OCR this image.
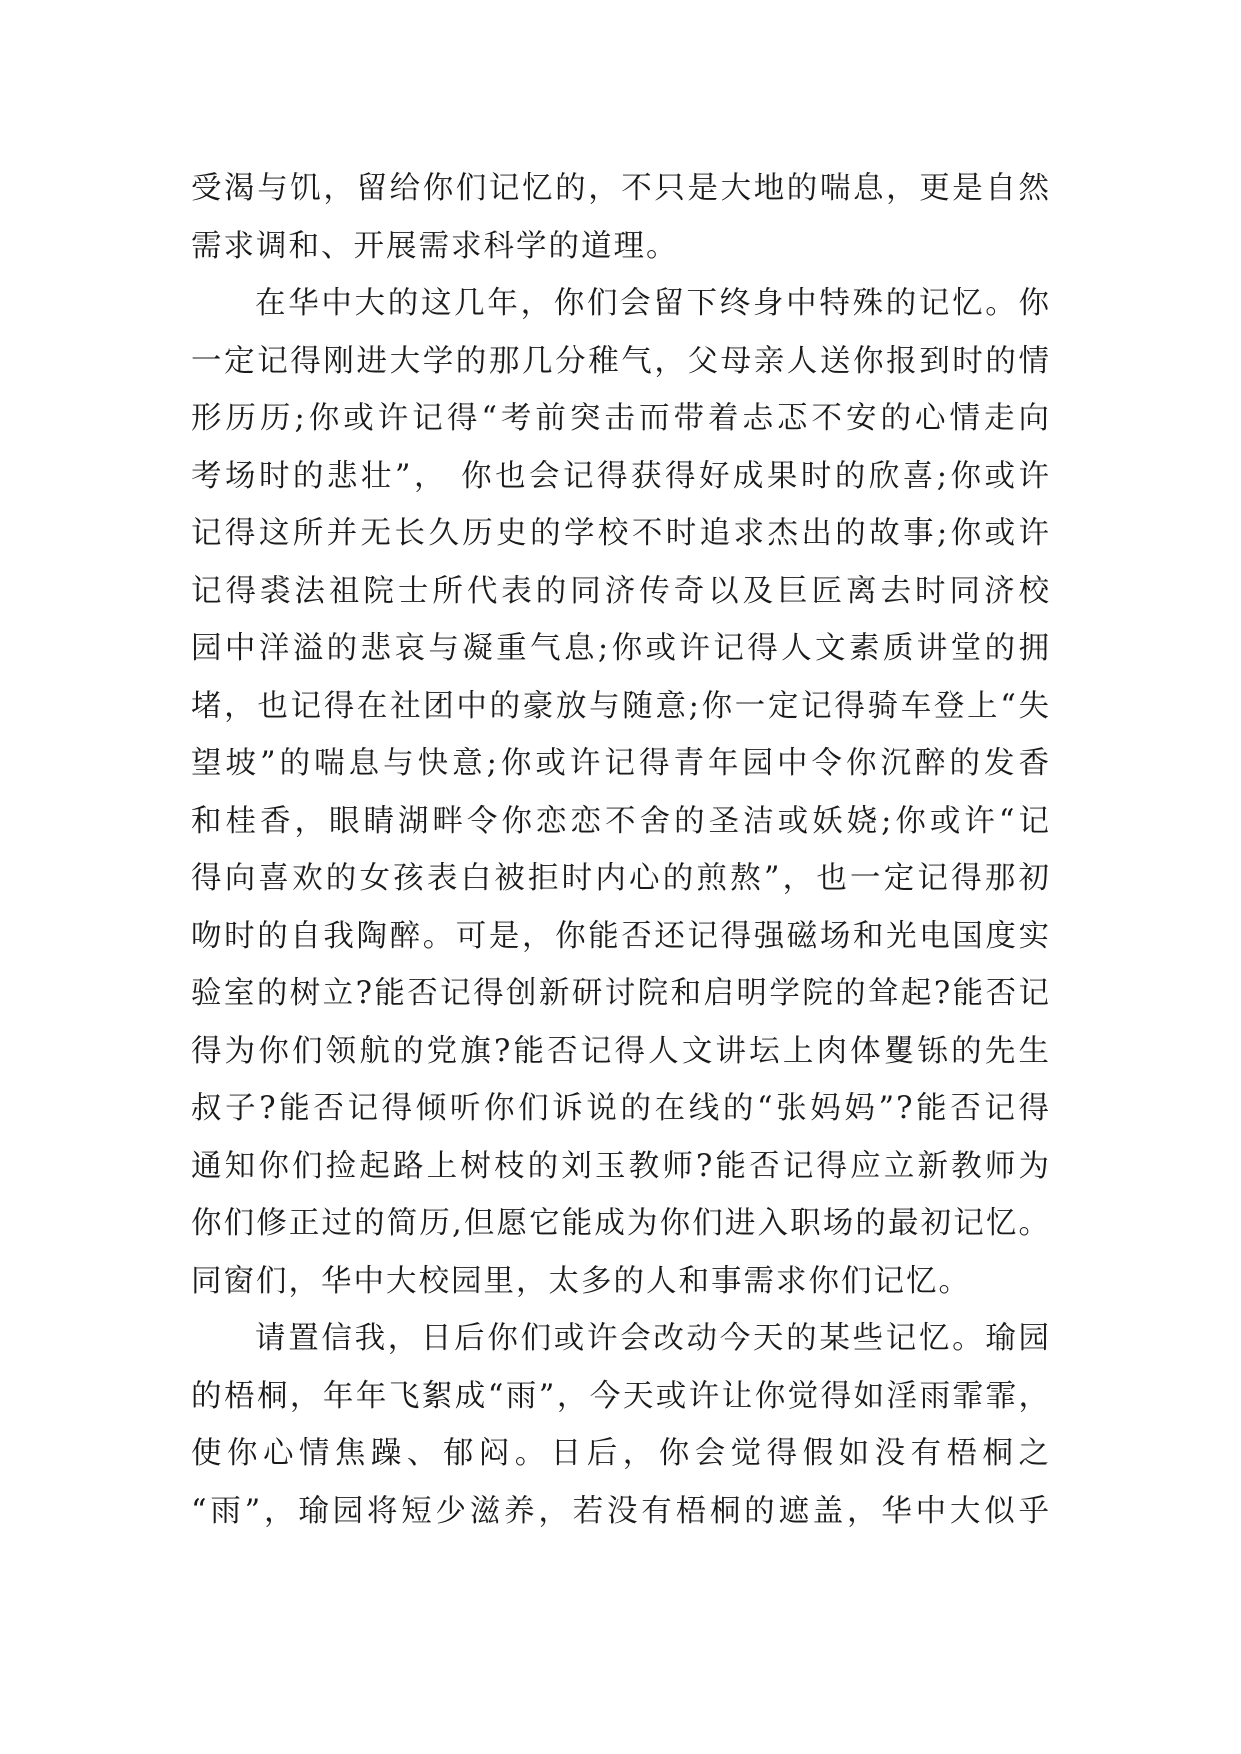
受渴与饥，留给你们记忆的，不只是大地的喘息，更是自然
需求调和、开展需求科学的道理。
在华中大的这几年，你们会留下终身中特殊的记忆。你
一定记得刚进大学的那几分稚气，父母亲人送你报到时的情
形历历;你或许记得“考前突击而带着忐忑不安的心情走向
考场时的悲壮”， 你也会记得获得好成果时的欣喜;你或许
记得这所并无长久历史的学校不时追求杰出的故事;你或许
记得裘法祖院士所代表的同济传奇以及巨匠离去时同济校
园中洋溢的悲哀与凝重气息;你或许记得人文素质讲堂的拥
堵，也记得在社团中的豪放与随意;你一定记得骑车登上“失
望坡”的喘息与快意;你或许记得青年园中令你沉醉的发香
和桂香，眼睛湖畔令你恋恋不舍的圣洁或妖娆;你或许“记
得向喜欢的女孩表白被拒时内心的煎熬”，也一定记得那初
吻时的自我陶醉。可是，你能否还记得强磁场和光电国度实
验室的树立?能否记得创新研讨院和启明学院的耸起?能否记
得为你们领航的党旗?能否记得人文讲坛上肉体矍铄的先生
叔子?能否记得倾听你们诉说的在线的“张妈妈”?能否记得
通知你们捡起路上树枝的刘玉教师?能否记得应立新教师为
你们修正过的简历,但愿它能成为你们进入职场的最初记忆。
同窗们，华中大校园里，太多的人和事需求你们记忆。
请置信我，日后你们或许会改动今天的某些记忆。瑜园
的梧桐，年年飞絮成“雨”，今天或许让你觉得如淫雨霏霏，
使你心情焦躁、郁闷。日后，你会觉得假如没有梧桐之
“雨”，瑜园将短少滋养，若没有梧桐的遮盖，华中大似乎
